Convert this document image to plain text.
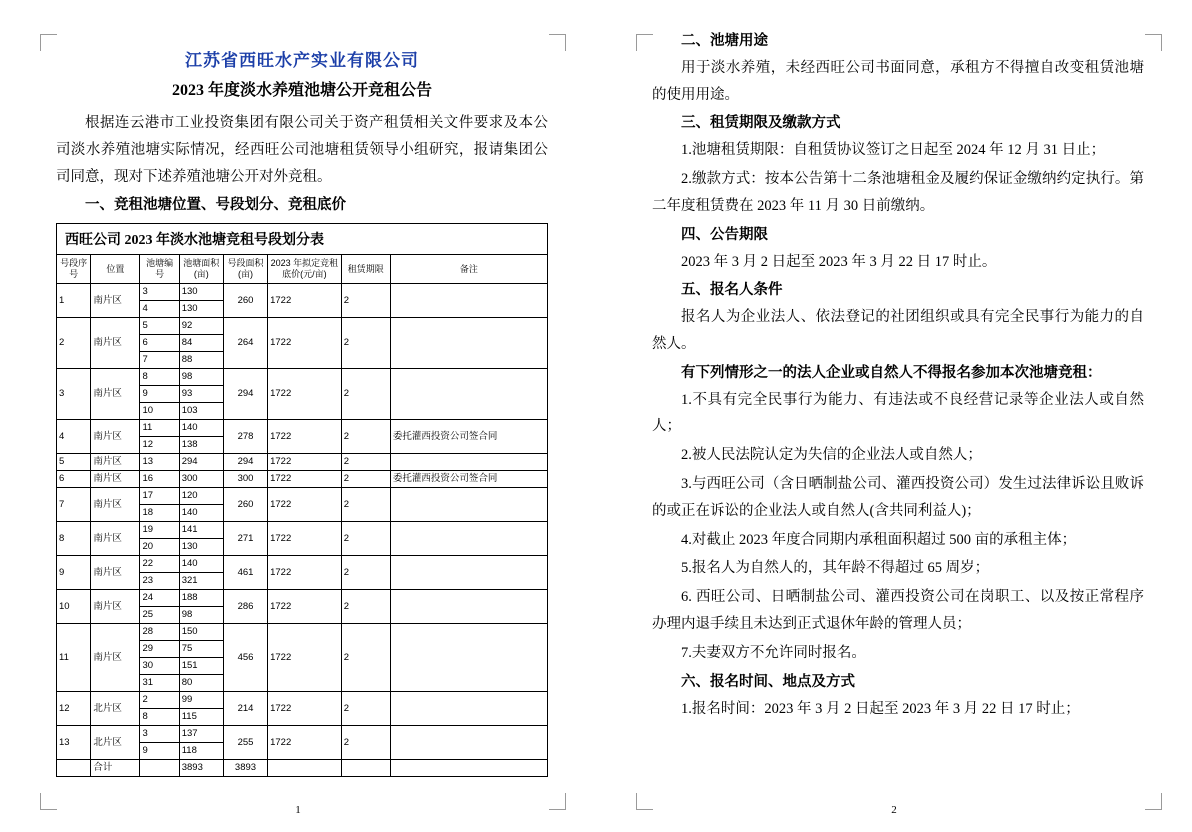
江苏省西旺水产实业有限公司
2023 年度淡水养殖池塘公开竞租公告

根据连云港市工业投资集团有限公司关于资产租赁相关文件要求及本公司淡水养殖池塘实际情况，经西旺公司池塘租赁领导小组研究，报请集团公司同意，现对下述养殖池塘公开对外竞租。

一、竞租池塘位置、号段划分、竞租底价

西旺公司 2023 年淡水池塘竞租号段划分表
号段序号	位置	池塘编号	池塘面积(亩)	号段面积(亩)	2023 年拟定竞租底价(元/亩)	租赁期限	备注
1	南片区	3	130	260	1722	2	
		4	130				
2	南片区	5	92	264	1722	2	
		6	84				
		7	88				
3	南片区	8	98	294	1722	2	
		9	93				
		10	103				
4	南片区	11	140	278	1722	2	委托灌西投资公司签合同
		12	138				
5	南片区	13	294	294	1722	2	
6	南片区	16	300	300	1722	2	委托灌西投资公司签合同
7	南片区	17	120	260	1722	2	
		18	140				
8	南片区	19	141	271	1722	2	
		20	130				
9	南片区	22	140	461	1722	2	
		23	321				
10	南片区	24	188	286	1722	2	
		25	98				
11	南片区	28	150	456	1722	2	
		29	75				
		30	151				
		31	80				
12	北片区	2	99	214	1722	2	
		8	115				
13	北片区	3	137	255	1722	2	
		9	118				
	合计		3893	3893			
1

二、池塘用途

用于淡水养殖，未经西旺公司书面同意，承租方不得擅自改变租赁池塘的使用用途。

三、租赁期限及缴款方式

1.池塘租赁期限：自租赁协议签订之日起至 2024 年 12 月 31 日止；

2.缴款方式：按本公告第十二条池塘租金及履约保证金缴纳约定执行。第二年度租赁费在 2023 年 11 月 30 日前缴纳。

四、公告期限

2023 年 3 月 2 日起至 2023 年 3 月 22 日 17 时止。

五、报名人条件

报名人为企业法人、依法登记的社团组织或具有完全民事行为能力的自然人。

有下列情形之一的法人企业或自然人不得报名参加本次池塘竞租：

1.不具有完全民事行为能力、有违法或不良经营记录等企业法人或自然人；

2.被人民法院认定为失信的企业法人或自然人；

3.与西旺公司（含日晒制盐公司、灌西投资公司）发生过法律诉讼且败诉的或正在诉讼的企业法人或自然人(含共同利益人)；

4.对截止 2023 年度合同期内承租面积超过 500 亩的承租主体；

5.报名人为自然人的，其年龄不得超过 65 周岁；

6. 西旺公司、日晒制盐公司、灌西投资公司在岗职工、以及按正常程序办理内退手续且未达到正式退休年龄的管理人员；

7.夫妻双方不允许同时报名。

六、报名时间、地点及方式

1.报名时间：2023 年 3 月 2 日起至 2023 年 3 月 22 日 17 时止；

2
